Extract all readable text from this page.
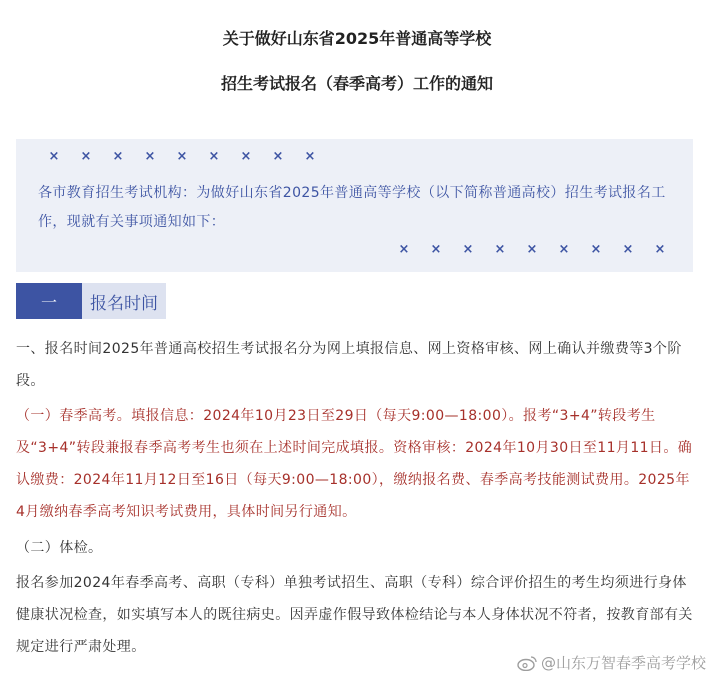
关于做好山东省2025年普通高等学校
招生考试报名（春季高考）工作的通知
×	×	×	×	×	×	×	×	×

各市教育招生考试机构：为做好山东省2025年普通高等学校（以下简称普通高校）招生考试报名工作，现就有关事项通知如下：

×	×	×	×	×	×	×	×	×
一	报名时间

一、报名时间2025年普通高校招生考试报名分为网上填报信息、网上资格审核、网上确认并缴费等3个阶段。

（一）春季高考。填报信息：2024年10月23日至29日（每天9:00—18:00）。报考“3+4”转段考生及“3+4”转段兼报春季高考考生也须在上述时间完成填报。资格审核：2024年10月30日至11月11日。确认缴费：2024年11月12日至16日（每天9:00—18:00），缴纳报名费、春季高考技能测试费用。2025年4月缴纳春季高考知识考试费用，具体时间另行通知。

（二）体检。

报名参加2024年春季高考、高职（专科）单独考试招生、高职（专科）综合评价招生的考生均须进行身体健康状况检查，如实填写本人的既往病史。因弄虚作假导致体检结论与本人身体状况不符者，按教育部有关规定进行严肃处理。

@山东万智春季高考学校
